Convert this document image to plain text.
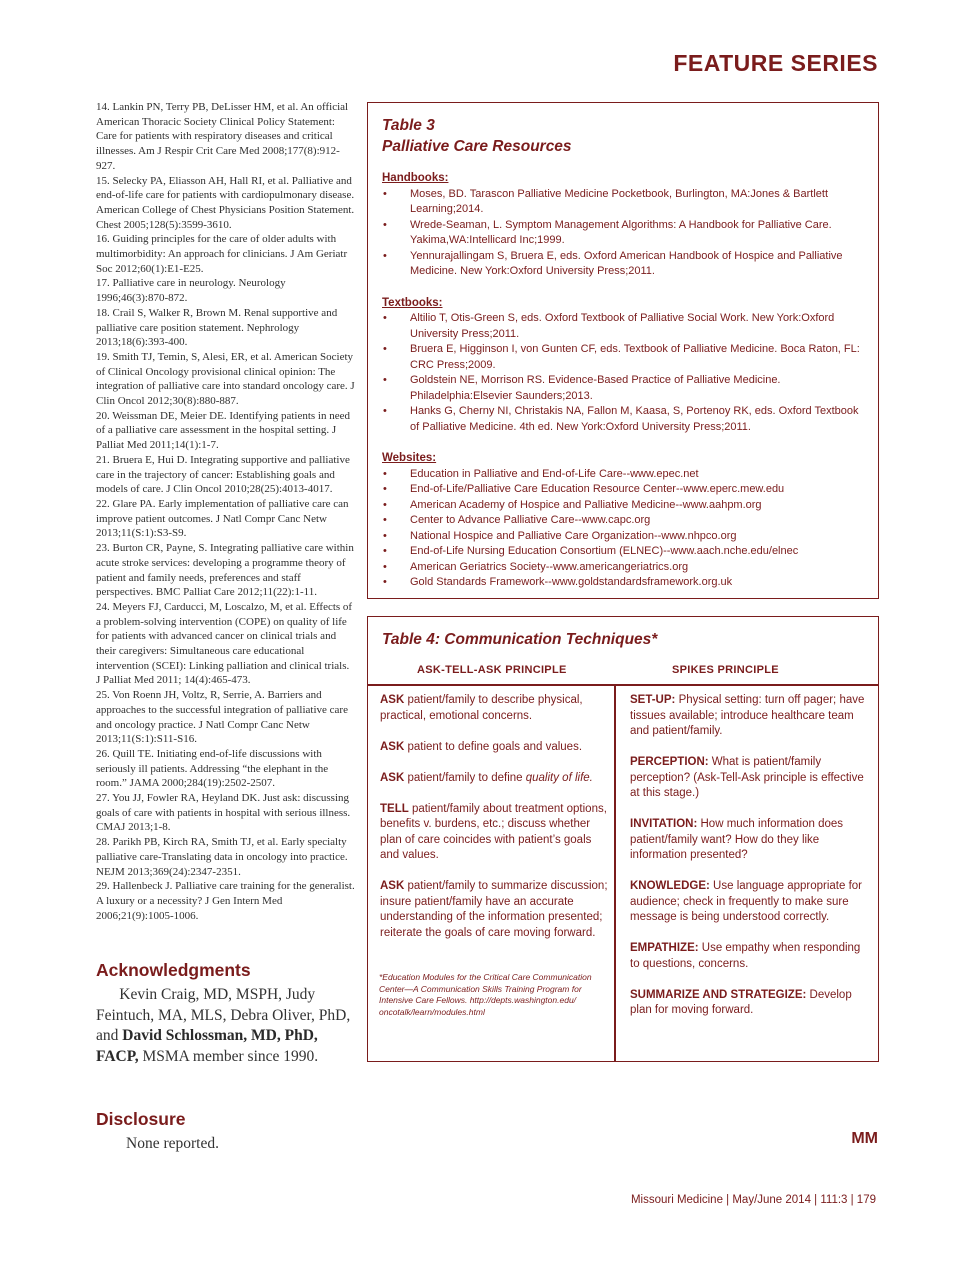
FEATURE SERIES

14. Lankin PN, Terry PB, DeLisser HM, et al. An official American Thoracic Society Clinical Policy Statement: Care for patients with respiratory diseases and critical illnesses. Am J Respir Crit Care Med 2008;177(8):912-927.

15. Selecky PA, Eliasson AH, Hall RI, et al. Palliative and end-of-life care for patients with cardiopulmonary disease. American College of Chest Physicians Position Statement. Chest 2005;128(5):3599-3610.

16. Guiding principles for the care of older adults with multimorbidity: An approach for clinicians. J Am Geriatr Soc 2012;60(1):E1-E25.

17. Palliative care in neurology. Neurology 1996;46(3):870-872.

18. Crail S, Walker R, Brown M. Renal supportive and palliative care position statement. Nephrology 2013;18(6):393-400.

19. Smith TJ, Temin, S, Alesi, ER, et al. American Society of Clinical Oncology provisional clinical opinion: The integration of palliative care into standard oncology care. J Clin Oncol 2012;30(8):880-887.

20. Weissman DE, Meier DE. Identifying patients in need of a palliative care assessment in the hospital setting. J Palliat Med 2011;14(1):1-7.

21. Bruera E, Hui D. Integrating supportive and palliative care in the trajectory of cancer: Establishing goals and models of care. J Clin Oncol 2010;28(25):4013-4017.

22. Glare PA. Early implementation of palliative care can improve patient outcomes. J Natl Compr Canc Netw 2013;11(S:1):S3-S9.

23. Burton CR, Payne, S. Integrating palliative care within acute stroke services: developing a programme theory of patient and family needs, preferences and staff perspectives. BMC Palliat Care 2012;11(22):1-11.

24. Meyers FJ, Carducci, M, Loscalzo, M, et al. Effects of a problem-solving intervention (COPE) on quality of life for patients with advanced cancer on clinical trials and their caregivers: Simultaneous care educational intervention (SCEI): Linking palliation and clinical trials. J Palliat Med 2011; 14(4):465-473.

25. Von Roenn JH, Voltz, R, Serrie, A. Barriers and approaches to the successful integration of palliative care and oncology practice. J Natl Compr Canc Netw 2013;11(S:1):S11-S16.

26. Quill TE. Initiating end-of-life discussions with seriously ill patients. Addressing “the elephant in the room.” JAMA 2000;284(19):2502-2507.

27. You JJ, Fowler RA, Heyland DK. Just ask: discussing goals of care with patients in hospital with serious illness. CMAJ 2013;1-8.

28. Parikh PB, Kirch RA, Smith TJ, et al. Early specialty palliative care-Translating data in oncology into practice. NEJM 2013;369(24):2347-2351.

29. Hallenbeck J. Palliative care training for the generalist. A luxury or a necessity? J Gen Intern Med 2006;21(9):1005-1006.

Acknowledgments
Kevin Craig, MD, MSPH, Judy Feintuch, MA, MLS, Debra Oliver, PhD, and David Schlossman, MD, PhD, FACP, MSMA member since 1990.
Disclosure
None reported.
Table 3
Palliative Care Resources
Handbooks:
• Moses, BD. Tarascon Palliative Medicine Pocketbook, Burlington, MA:Jones & Bartlett Learning;2014.
• Wrede-Seaman, L. Symptom Management Algorithms: A Handbook for Palliative Care. Yakima,WA:Intellicard Inc;1999.
• Yennurajallingam S, Bruera E, eds. Oxford American Handbook of Hospice and Palliative Medicine. New York:Oxford University Press;2011.
Textbooks:
• Altilio T, Otis-Green S, eds. Oxford Textbook of Palliative Social Work. New York:Oxford University Press;2011.
• Bruera E, Higginson I, von Gunten CF, eds. Textbook of Palliative Medicine. Boca Raton, FL: CRC Press;2009.
• Goldstein NE, Morrison RS. Evidence-Based Practice of Palliative Medicine. Philadelphia:Elsevier Saunders;2013.
• Hanks G, Cherny NI, Christakis NA, Fallon M, Kaasa, S, Portenoy RK, eds. Oxford Textbook of Palliative Medicine. 4th ed. New York:Oxford University Press;2011.
Websites:
• Education in Palliative and End-of-Life Care--www.epec.net
• End-of-Life/Palliative Care Education Resource Center--www.eperc.mew.edu
• American Academy of Hospice and Palliative Medicine--www.aahpm.org
• Center to Advance Palliative Care--www.capc.org
• National Hospice and Palliative Care Organization--www.nhpco.org
• End-of-Life Nursing Education Consortium (ELNEC)--www.aach.nche.edu/elnec
• American Geriatrics Society--www.americangeriatrics.org
• Gold Standards Framework--www.goldstandardsframework.org.uk
Table 4: Communication Techniques*
ASK-TELL-ASK PRINCIPLE	SPIKES PRINCIPLE

ASK patient/family to describe physical, practical, emotional concerns.

ASK patient to define goals and values.

ASK patient/family to define quality of life.

TELL patient/family about treatment options, benefits v. burdens, etc.; discuss whether plan of care coincides with patient’s goals and values.

ASK patient/family to summarize discussion; insure patient/family have an accurate understanding of the information presented; reiterate the goals of care moving forward.

SET-UP: Physical setting: turn off pager; have tissues available; introduce healthcare team and patient/family.

PERCEPTION: What is patient/family perception? (Ask-Tell-Ask principle is effective at this stage.)

INVITATION: How much information does patient/family want? How do they like information presented?

KNOWLEDGE: Use language appropriate for audience; check in frequently to make sure message is being understood correctly.

EMPATHIZE: Use empathy when responding to questions, concerns.

SUMMARIZE AND STRATEGIZE: Develop plan for moving forward.

*Education Modules for the Critical Care Communication Center—A Communication Skills Training Program for Intensive Care Fellows. http://depts.washington.edu/ oncotalk/learn/modules.html
MM
Missouri Medicine | May/June 2014 | 111:3 | 179
